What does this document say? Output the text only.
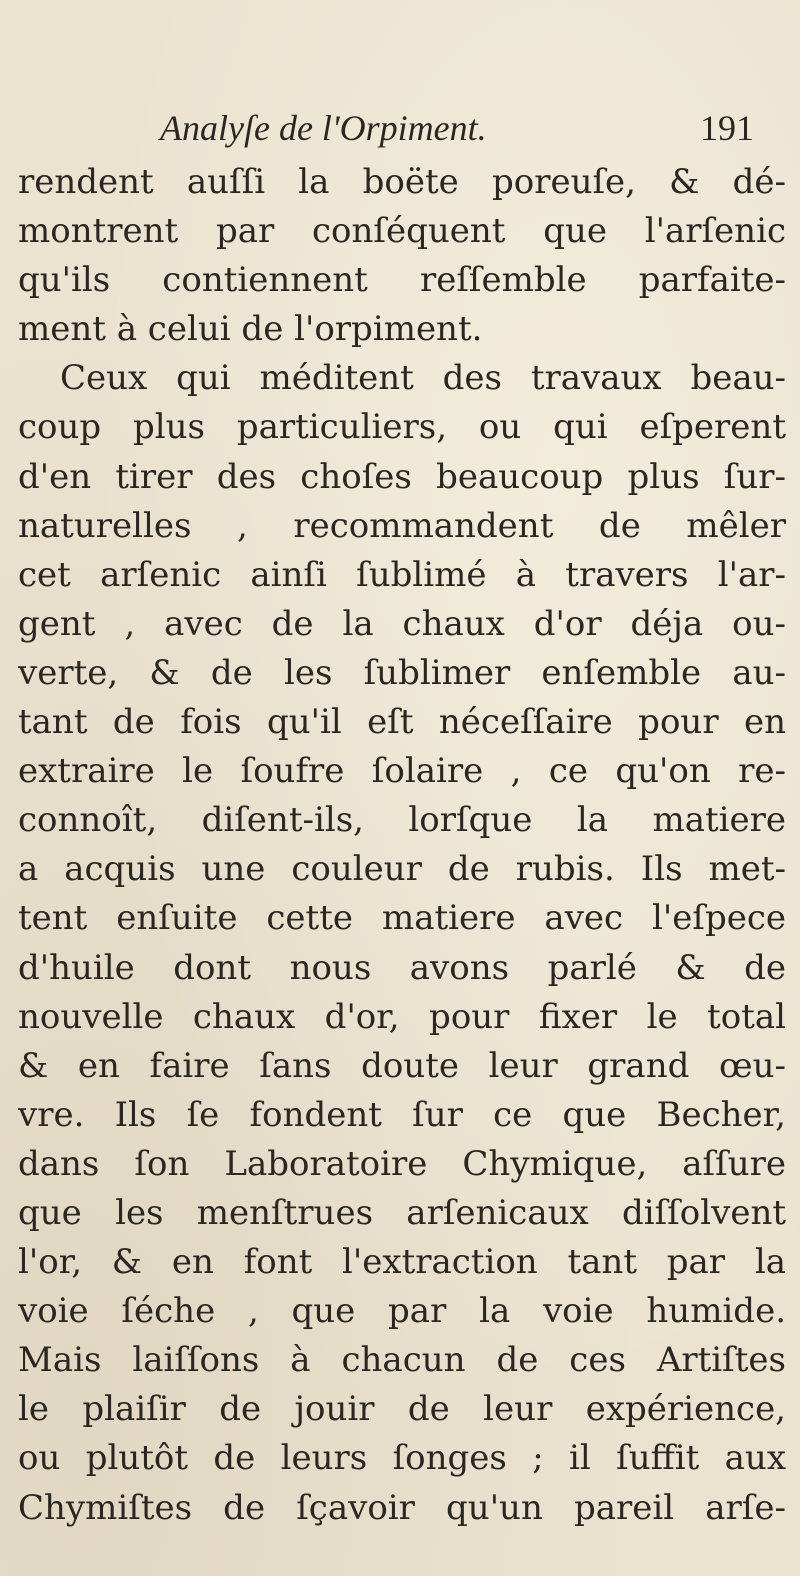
Analyſe de l'Orpiment.	191
rendent auſſi la boëte poreuſe, & dé-
montrent par conſéquent que l'arſenic
qu'ils contiennent reſſemble parfaite-
ment à celui de l'orpiment.
Ceux qui méditent des travaux beau-
coup plus particuliers, ou qui eſperent
d'en tirer des choſes beaucoup plus ſur-
naturelles , recommandent de mêler
cet arſenic ainſi ſublimé à travers l'ar-
gent , avec de la chaux d'or déja ou-
verte, & de les ſublimer enſemble au-
tant de fois qu'il eſt néceſſaire pour en
extraire le ſoufre ſolaire , ce qu'on re-
connoît, diſent-ils, lorſque la matiere
a acquis une couleur de rubis. Ils met-
tent enſuite cette matiere avec l'eſpece
d'huile dont nous avons parlé & de
nouvelle chaux d'or, pour fixer le total
& en faire ſans doute leur grand œu-
vre. Ils ſe fondent ſur ce que Becher,
dans ſon Laboratoire Chymique, aſſure
que les menſtrues arſenicaux diſſolvent
l'or, & en font l'extraction tant par la
voie ſéche , que par la voie humide.
Mais laiſſons à chacun de ces Artiſtes
le plaiſir de jouir de leur expérience,
ou plutôt de leurs ſonges ; il ſuffit aux
Chymiſtes de ſçavoir qu'un pareil arſe-
